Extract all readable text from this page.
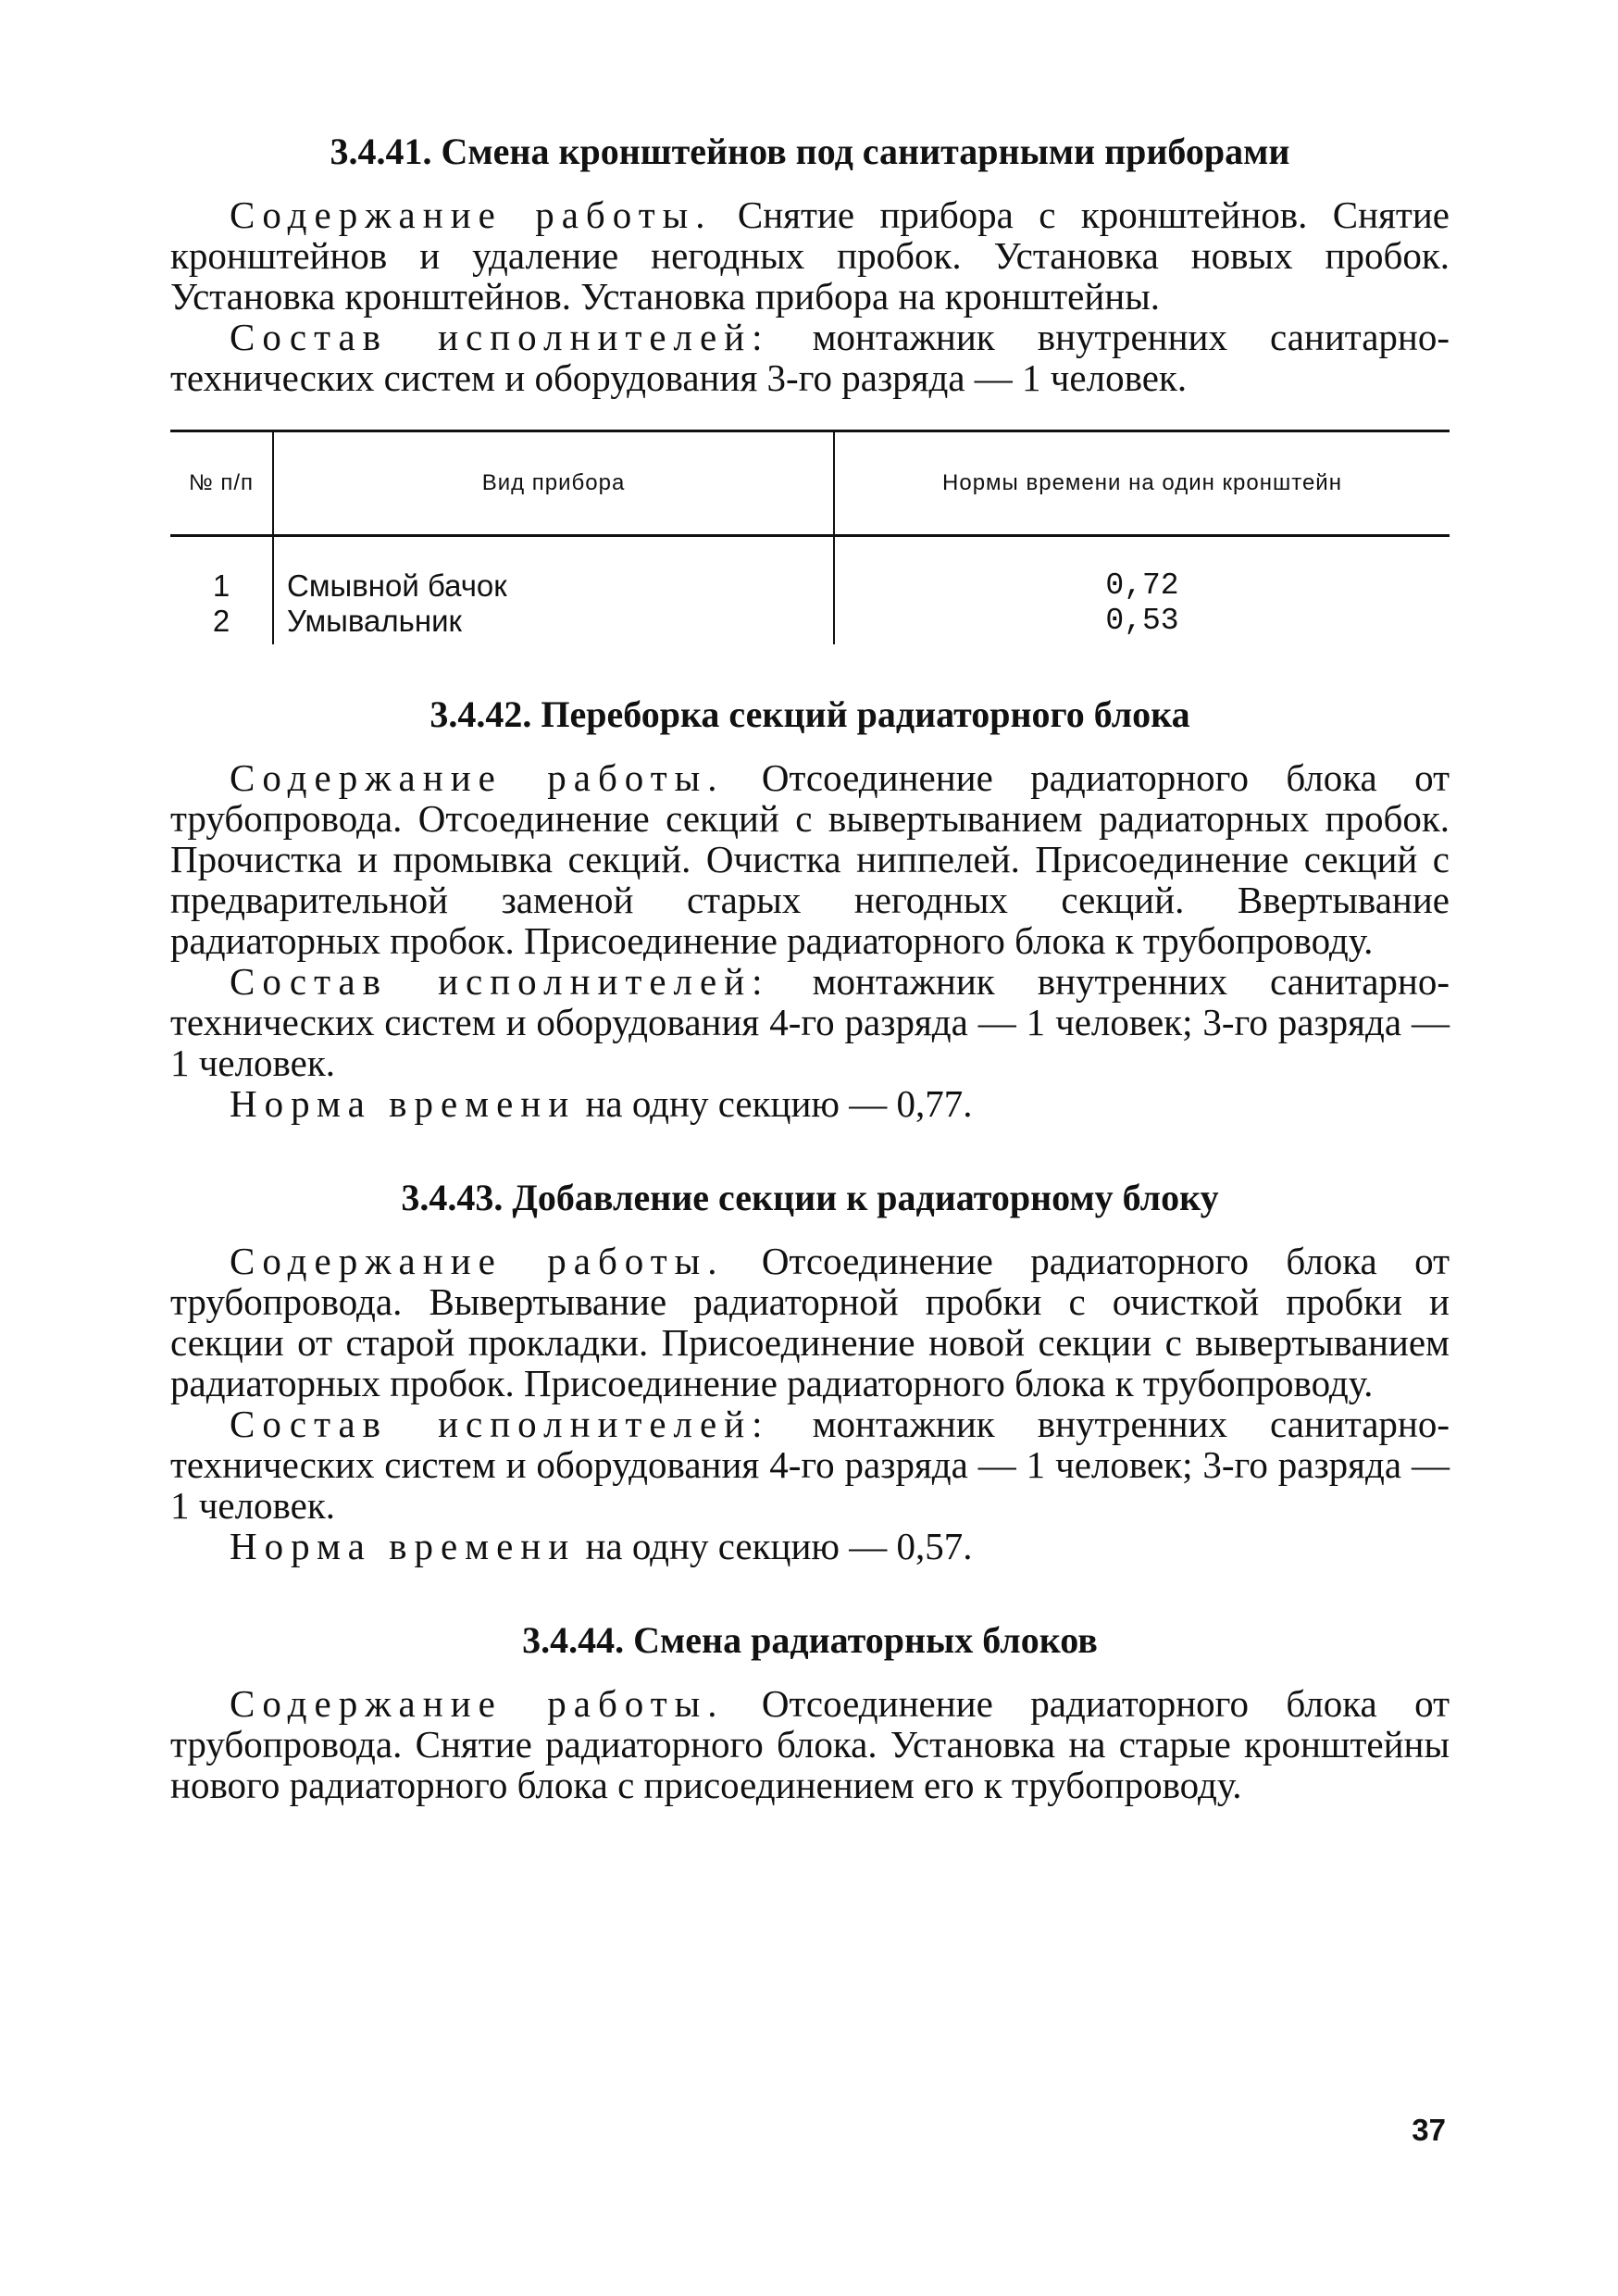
3.4.41. Смена кронштейнов под санитарными приборами

Содержание работы. Снятие прибора с кронштейнов. Снятие кронштейнов и удаление негодных пробок. Установка новых пробок. Установка кронштейнов. Установка прибора на кронштейны.

Состав исполнителей: монтажник внутренних санитарно-технических систем и оборудования 3-го разряда — 1 человек.

№ п/п	Вид прибора	Нормы времени на один кронштейн
1	Смывной бачок	0,72
2	Умывальник	0,53
3.4.42. Переборка секций радиаторного блока

Содержание работы. Отсоединение радиаторного блока от трубопровода. Отсоединение секций с вывертыванием радиаторных пробок. Прочистка и промывка секций. Очистка ниппелей. Присоединение секций с предварительной заменой старых негодных секций. Ввертывание радиаторных пробок. Присоединение радиаторного блока к трубопроводу.

Состав исполнителей: монтажник внутренних санитарно-технических систем и оборудования 4-го разряда — 1 человек; 3-го разряда — 1 человек.

Норма времени на одну секцию — 0,77.

3.4.43. Добавление секции к радиаторному блоку

Содержание работы. Отсоединение радиаторного блока от трубопровода. Вывертывание радиаторной пробки с очисткой пробки и секции от старой прокладки. Присоединение новой секции с вывертыванием радиаторных пробок. Присоединение радиаторного блока к трубопроводу.

Состав исполнителей: монтажник внутренних санитарно-технических систем и оборудования 4-го разряда — 1 человек; 3-го разряда — 1 человек.

Норма времени на одну секцию — 0,57.

3.4.44. Смена радиаторных блоков

Содержание работы. Отсоединение радиаторного блока от трубопровода. Снятие радиаторного блока. Установка на старые кронштейны нового радиаторного блока с присоединением его к трубопроводу.

37
